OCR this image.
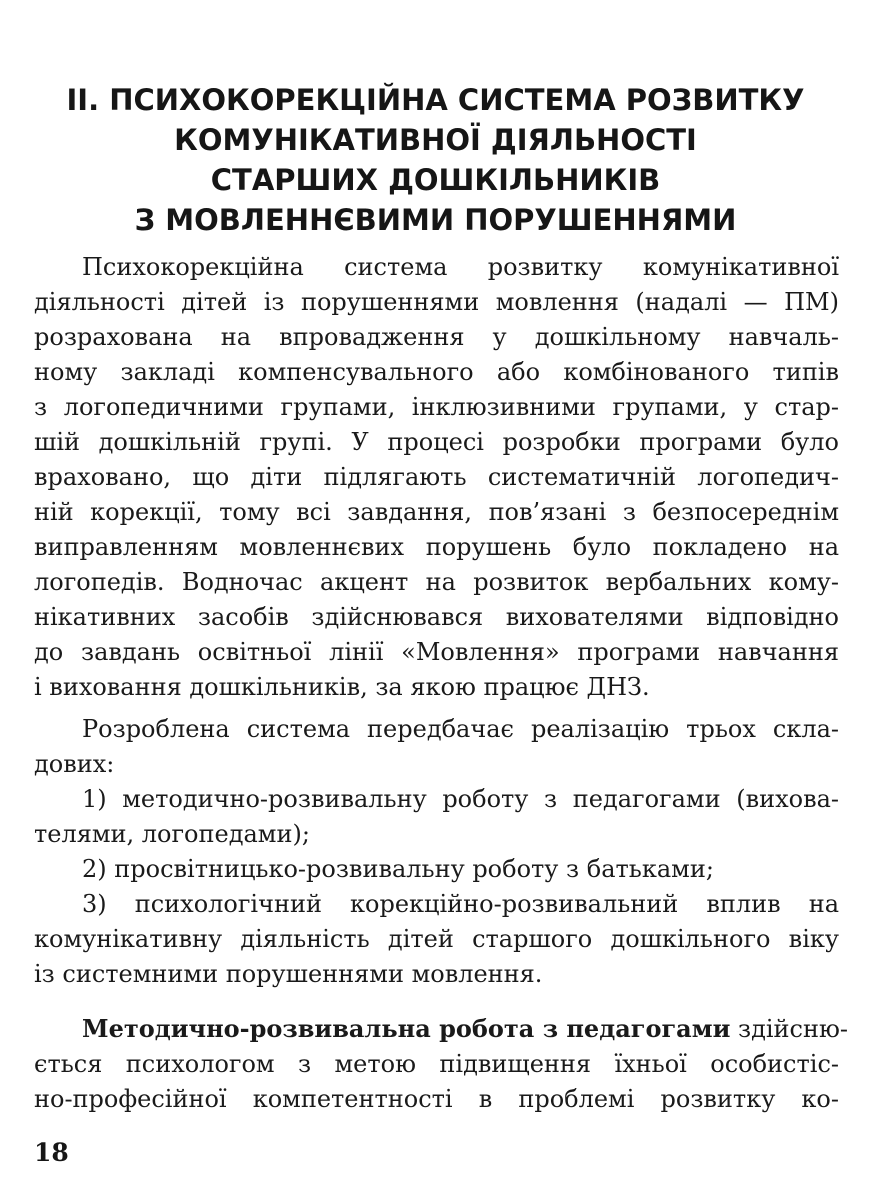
ІІ. ПСИХОКОРЕКЦІЙНА СИСТЕМА РОЗВИТКУ
КОМУНІКАТИВНОЇ ДІЯЛЬНОСТІ
СТАРШИХ ДОШКІЛЬНИКІВ
З МОВЛЕННЄВИМИ ПОРУШЕННЯМИ
Психокорекційна система розвитку комунікативної
діяльності дітей із порушеннями мовлення (надалі — ПМ)
розрахована на впровадження у дошкільному навчаль-
ному закладі компенсувального або комбінованого типів
з логопедичними групами, інклюзивними групами, у стар-
шій дошкільній групі. У процесі розробки програми було
враховано, що діти підлягають систематичній логопедич-
ній корекції, тому всі завдання, пов’язані з безпосереднім
виправленням мовленнєвих порушень було покладено на
логопедів. Водночас акцент на розвиток вербальних кому-
нікативних засобів здійснювався вихователями відповідно
до завдань освітньої лінії «Мовлення» програми навчання
і виховання дошкільників, за якою працює ДНЗ.
Розроблена система передбачає реалізацію трьох скла-
дових:
1) методично-розвивальну роботу з педагогами (вихова-
телями, логопедами);
2) просвітницько-розвивальну роботу з батьками;
3) психологічний корекційно-розвивальний вплив на
комунікативну діяльність дітей старшого дошкільного віку
із системними порушеннями мовлення.
Методично-розвивальна робота з педагогами здійсню-
ється психологом з метою підвищення їхньої особистіс-
но-професійної компетентності в проблемі розвитку ко-
18
